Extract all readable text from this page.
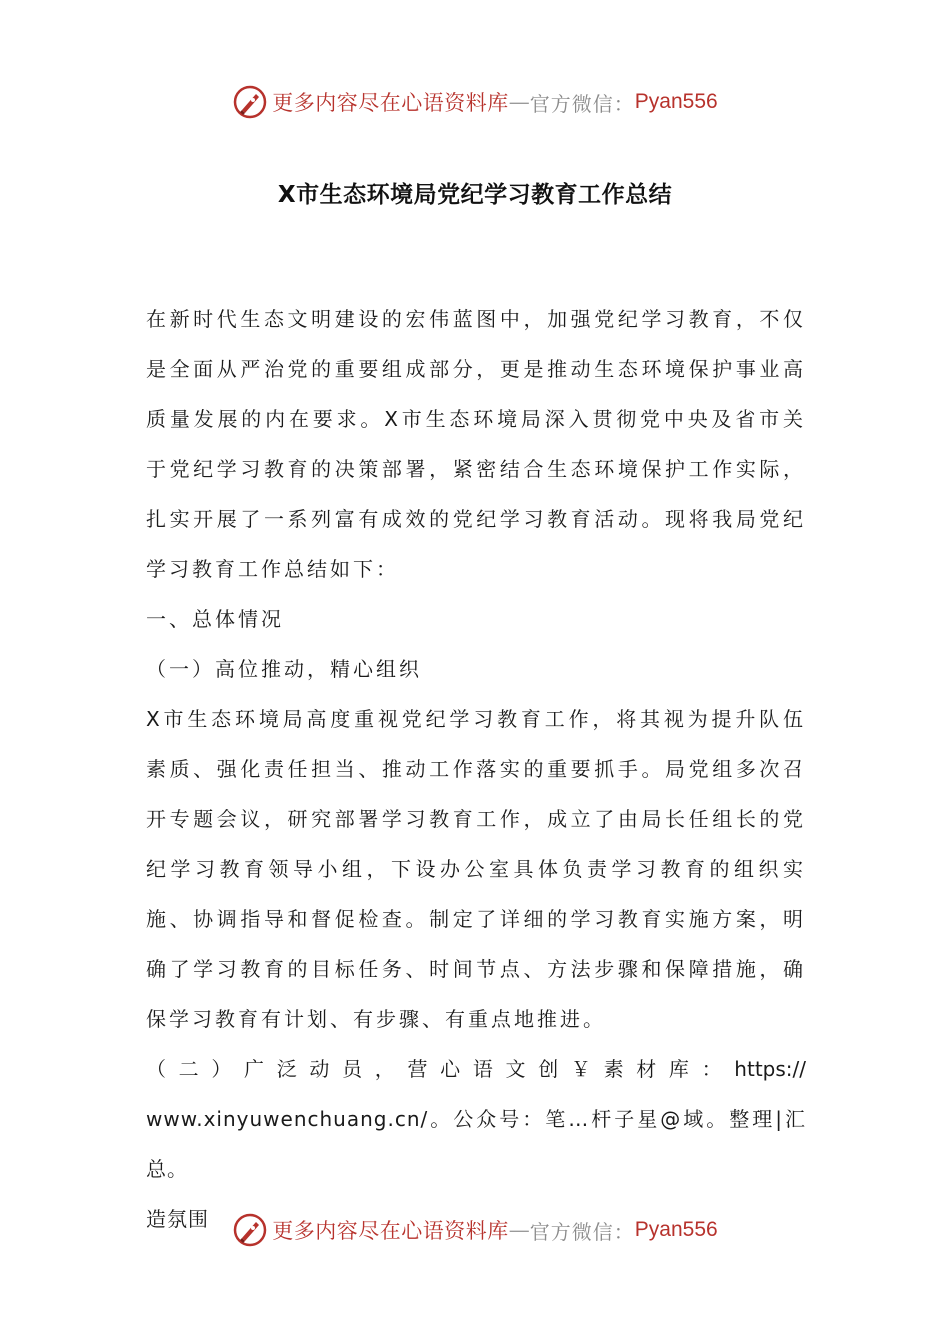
更多内容尽在心语资料库 — 官方微信： Pyan556
X市生态环境局党纪学习教育工作总结

在新时代生态文明建设的宏伟蓝图中，加强党纪学习教育，不仅是全面从严治党的重要组成部分，更是推动生态环境保护事业高质量发展的内在要求。X市生态环境局深入贯彻党中央及省市关于党纪学习教育的决策部署，紧密结合生态环境保护工作实际，扎实开展了一系列富有成效的党纪学习教育活动。现将我局党纪学习教育工作总结如下：

一、总体情况

（一）高位推动，精心组织

X市生态环境局高度重视党纪学习教育工作，将其视为提升队伍素质、强化责任担当、推动工作落实的重要抓手。局党组多次召开专题会议，研究部署学习教育工作，成立了由局长任组长的党纪学习教育领导小组，下设办公室具体负责学习教育的组织实施、协调指导和督促检查。制定了详细的学习教育实施方案，明确了学习教育的目标任务、时间节点、方法步骤和保障措施，确保学习教育有计划、有步骤、有重点地推进。

（二）广泛动员，营心语文创￥素材库：https://

www.xinyuwenchuang.cn/。公众号：笔…杆子星@域。整理|汇总。

造氛围	更多内容尽在心语资料库 — 官方微信： Pyan556
